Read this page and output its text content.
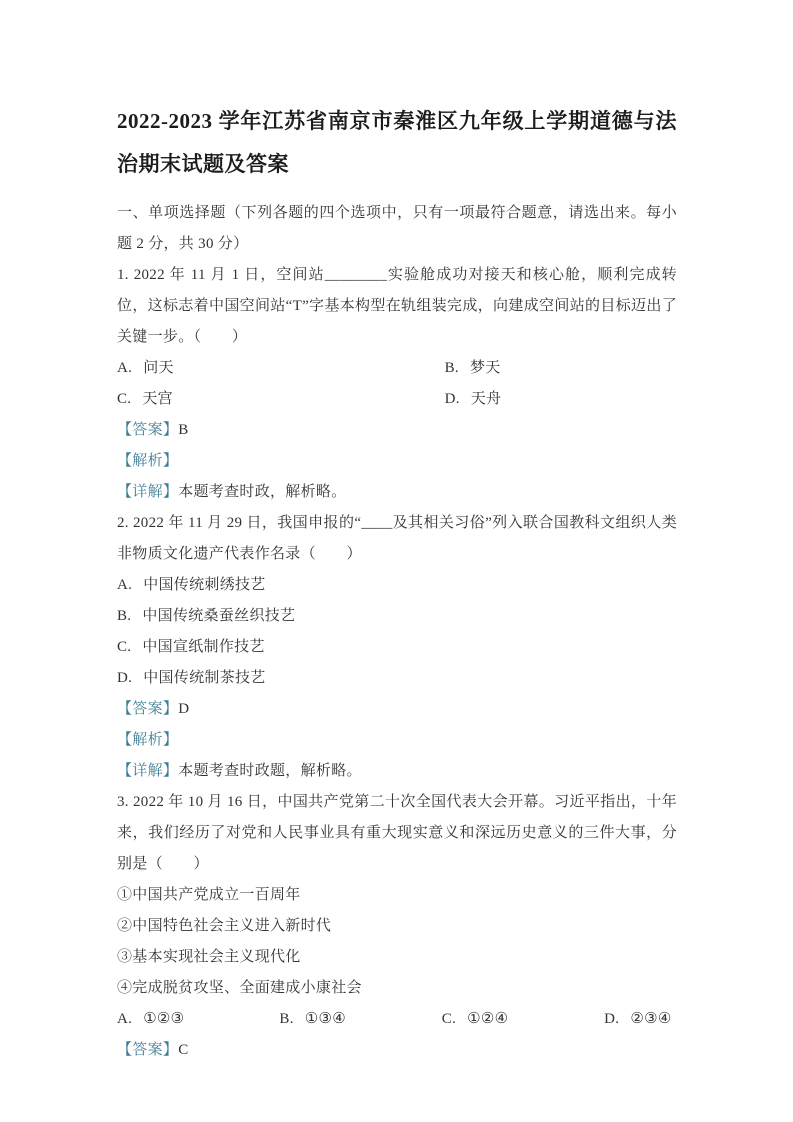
2022-2023 学年江苏省南京市秦淮区九年级上学期道德与法治期末试题及答案

一、单项选择题（下列各题的四个选项中，只有一项最符合题意，请选出来。每小题 2 分，共 30 分）

1. 2022 年 11 月 1 日，空间站________实验舱成功对接天和核心舱，顺利完成转位，这标志着中国空间站“T”字基本构型在轨组装完成，向建成空间站的目标迈出了关键一步。（　　）

A. 问天	B. 梦天
C. 天宫	D. 天舟

【答案】B

【解析】

【详解】本题考查时政，解析略。

2. 2022 年 11 月 29 日，我国申报的“____及其相关习俗”列入联合国教科文组织人类非物质文化遗产代表作名录（　　）

A. 中国传统刺绣技艺
B. 中国传统桑蚕丝织技艺
C. 中国宣纸制作技艺
D. 中国传统制茶技艺

【答案】D

【解析】

【详解】本题考查时政题，解析略。

3. 2022 年 10 月 16 日，中国共产党第二十次全国代表大会开幕。习近平指出，十年来，我们经历了对党和人民事业具有重大现实意义和深远历史意义的三件大事，分别是（　　）

①中国共产党成立一百周年

②中国特色社会主义进入新时代

③基本实现社会主义现代化

④完成脱贫攻坚、全面建成小康社会

A. ①②③	B. ①③④	C. ①②④	D. ②③④

【答案】C
